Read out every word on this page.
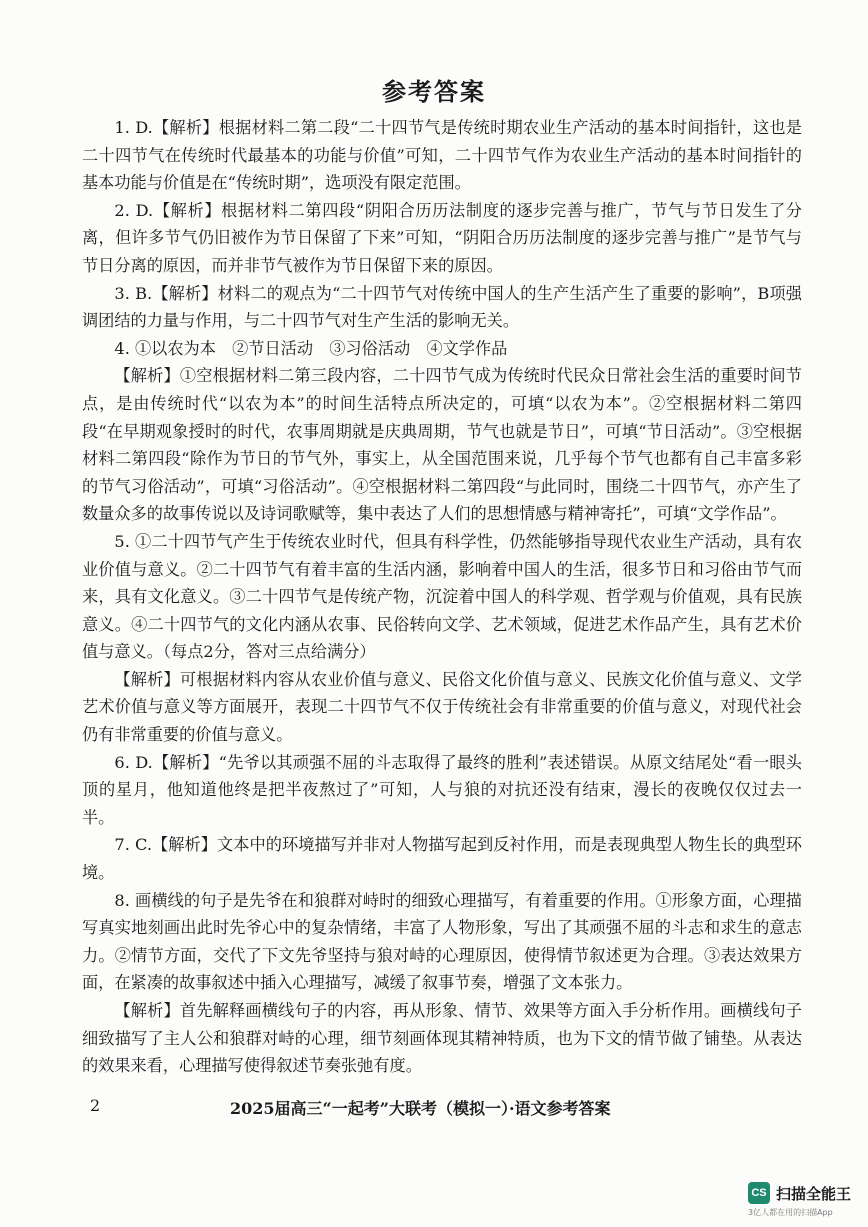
参考答案

1. D.【解析】根据材料二第二段“二十四节气是传统时期农业生产活动的基本时间指针，这也是二十四节气在传统时代最基本的功能与价值”可知，二十四节气作为农业生产活动的基本时间指针的基本功能与价值是在“传统时期”，选项没有限定范围。

2. D.【解析】根据材料二第四段“阴阳合历历法制度的逐步完善与推广，节气与节日发生了分离，但许多节气仍旧被作为节日保留了下来”可知，“阴阳合历历法制度的逐步完善与推广”是节气与节日分离的原因，而并非节气被作为节日保留下来的原因。

3. B.【解析】材料二的观点为“二十四节气对传统中国人的生产生活产生了重要的影响”，B项强调团结的力量与作用，与二十四节气对生产生活的影响无关。

4. ①以农为本　②节日活动　③习俗活动　④文学作品

【解析】①空根据材料二第三段内容，二十四节气成为传统时代民众日常社会生活的重要时间节点，是由传统时代“以农为本”的时间生活特点所决定的，可填“以农为本”。②空根据材料二第四段“在早期观象授时的时代，农事周期就是庆典周期，节气也就是节日”，可填“节日活动”。③空根据材料二第四段“除作为节日的节气外，事实上，从全国范围来说，几乎每个节气也都有自己丰富多彩的节气习俗活动”，可填“习俗活动”。④空根据材料二第四段“与此同时，围绕二十四节气，亦产生了数量众多的故事传说以及诗词歌赋等，集中表达了人们的思想情感与精神寄托”，可填“文学作品”。

5. ①二十四节气产生于传统农业时代，但具有科学性，仍然能够指导现代农业生产活动，具有农业价值与意义。②二十四节气有着丰富的生活内涵，影响着中国人的生活，很多节日和习俗由节气而来，具有文化意义。③二十四节气是传统产物，沉淀着中国人的科学观、哲学观与价值观，具有民族意义。④二十四节气的文化内涵从农事、民俗转向文学、艺术领域，促进艺术作品产生，具有艺术价值与意义。（每点2分，答对三点给满分）

【解析】可根据材料内容从农业价值与意义、民俗文化价值与意义、民族文化价值与意义、文学艺术价值与意义等方面展开，表现二十四节气不仅于传统社会有非常重要的价值与意义，对现代社会仍有非常重要的价值与意义。

6. D.【解析】“先爷以其顽强不屈的斗志取得了最终的胜利”表述错误。从原文结尾处“看一眼头顶的星月，他知道他终是把半夜熬过了”可知，人与狼的对抗还没有结束，漫长的夜晚仅仅过去一半。

7. C.【解析】文本中的环境描写并非对人物描写起到反衬作用，而是表现典型人物生长的典型环境。

8. 画横线的句子是先爷在和狼群对峙时的细致心理描写，有着重要的作用。①形象方面，心理描写真实地刻画出此时先爷心中的复杂情绪，丰富了人物形象，写出了其顽强不屈的斗志和求生的意志力。②情节方面，交代了下文先爷坚持与狼对峙的心理原因，使得情节叙述更为合理。③表达效果方面，在紧凑的故事叙述中插入心理描写，减缓了叙事节奏，增强了文本张力。

【解析】首先解释画横线句子的内容，再从形象、情节、效果等方面入手分析作用。画横线句子细致描写了主人公和狼群对峙的心理，细节刻画体现其精神特质，也为下文的情节做了铺垫。从表达的效果来看，心理描写使得叙述节奏张弛有度。

2	2025届高三“一起考”大联考（模拟一）·语文参考答案
CS 扫描全能王
3亿人都在用的扫描App
